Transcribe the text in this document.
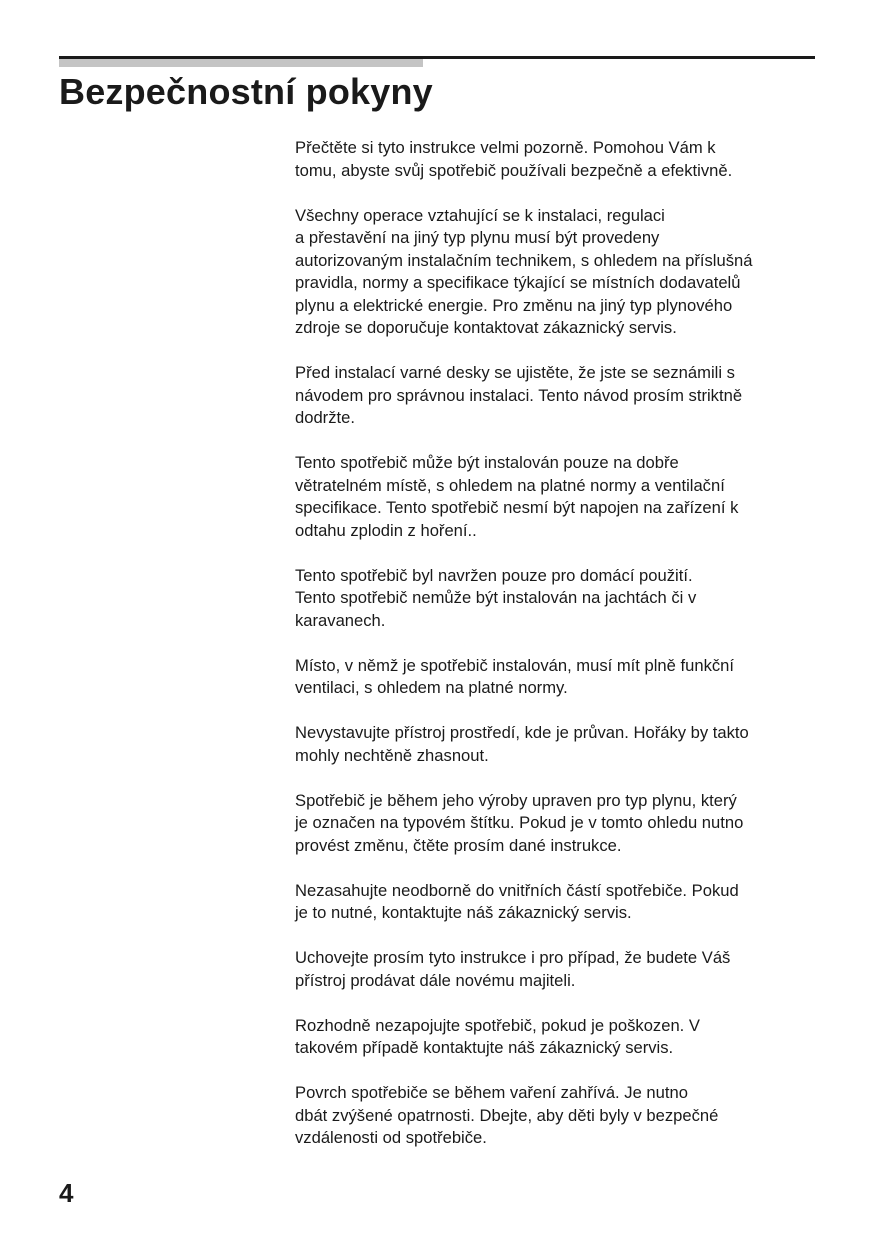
Bezpečnostní pokyny

Přečtěte si tyto instrukce velmi pozorně. Pomohou Vám k
tomu, abyste svůj spotřebič používali bezpečně a efektivně.

Všechny operace vztahující se k instalaci, regulaci
a přestavění na jiný typ plynu musí být provedeny
autorizovaným instalačním technikem, s ohledem na příslušná
pravidla, normy a specifikace týkající se místních dodavatelů
plynu a elektrické energie. Pro změnu na jiný typ plynového
zdroje se doporučuje kontaktovat zákaznický servis.

Před instalací varné desky se ujistěte, že jste se seznámili s
návodem pro správnou instalaci. Tento návod prosím striktně
dodržte.

Tento spotřebič může být instalován pouze na dobře
větratelném místě, s ohledem na platné normy a ventilační
specifikace. Tento spotřebič nesmí být napojen na zařízení k
odtahu zplodin z hoření..

Tento spotřebič byl navržen pouze pro domácí použití.
Tento spotřebič nemůže být instalován na jachtách či v
karavanech.

Místo, v němž je spotřebič instalován, musí mít plně funkční
ventilaci, s ohledem na platné normy.

Nevystavujte přístroj prostředí, kde je průvan. Hořáky by takto
mohly nechtěně zhasnout.

Spotřebič je během jeho výroby upraven pro typ plynu, který
je označen na typovém štítku. Pokud je v tomto ohledu nutno
provést změnu, čtěte prosím dané instrukce.

Nezasahujte neodborně do vnitřních částí spotřebiče. Pokud
je to nutné, kontaktujte náš zákaznický servis.

Uchovejte prosím tyto instrukce i pro případ, že budete Váš
přístroj prodávat dále novému majiteli.

Rozhodně nezapojujte spotřebič, pokud je poškozen. V
takovém případě kontaktujte náš zákaznický servis.

Povrch spotřebiče se během vaření zahřívá. Je nutno
dbát zvýšené opatrnosti. Dbejte, aby děti byly v bezpečné
vzdálenosti od spotřebiče.

4
